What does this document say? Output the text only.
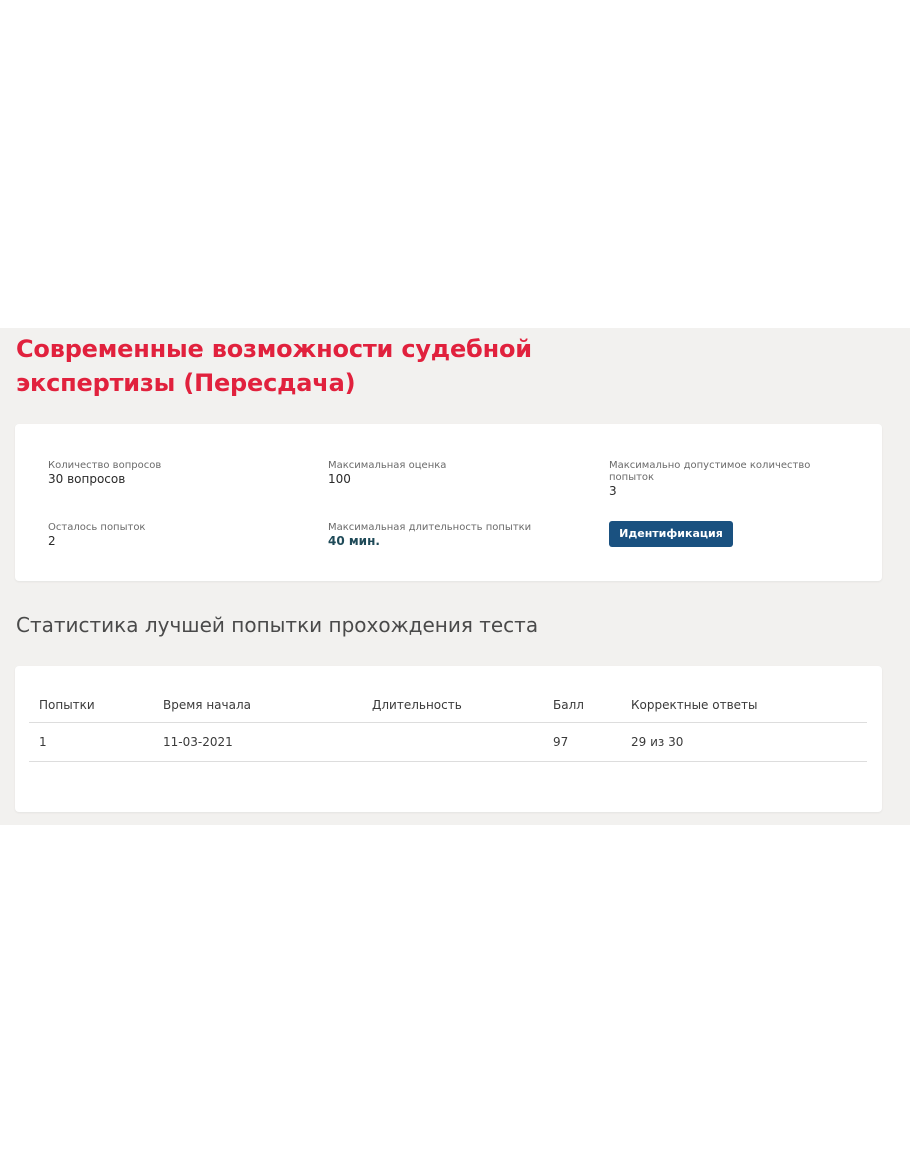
Современные возможности судебной экспертизы (Пересдача)
Количество вопросов
30 вопросов
Максимальная оценка
100
Максимально допустимое количество попыток
3
Осталось попыток
2
Максимальная длительность попытки
40 мин.
Идентификация
Статистика лучшей попытки прохождения теста
Попытки	Время начала	Длительность	Балл	Корректные ответы
1	11-03-2021		97	29 из 30
